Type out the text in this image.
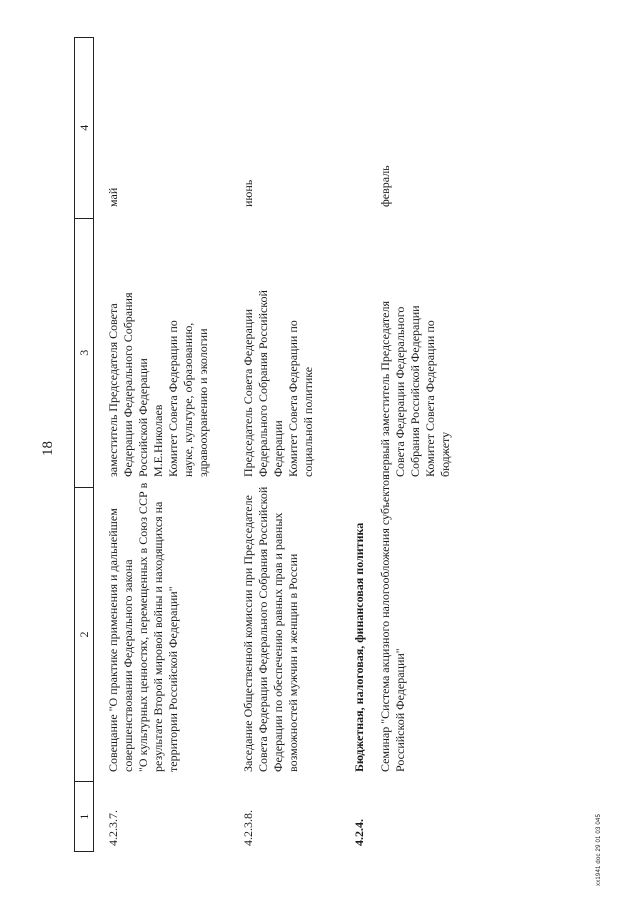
18
1
2
3
4
4.2.3.7.
Совещание "О практике применения и дальнейшем совершенствовании Федерального закона "О культурных ценностях, перемещенных в Союз ССР в результате Второй мировой войны и находящихся на территории Российской Федерации"
заместитель Председателя Совета Федерации Федерального Собрания Российской Федерации М.Е.Николаев Комитет Совета Федерации по науке, культуре, образованию, здравоохранению и экологии
май
4.2.3.8.
Заседание Общественной комиссии при Председателе Совета Федерации Федерального Собрания Российской Федерации по обеспечению равных прав и равных возможностей мужчин и женщин в России
Председатель Совета Федерации Федерального Собрания Российской Федерации Комитет Совета Федерации по социальной политике
июнь
4.2.4.
Бюджетная, налоговая, финансовая политика Семинар "Система акцизного налогообложения субъектов Российской Федерации"
первый заместитель Председателя Совета Федерации Федерального Собрания Российской Федерации Комитет Совета Федерации по бюджету
февраль
xx1941 doc 29 01 03 045
